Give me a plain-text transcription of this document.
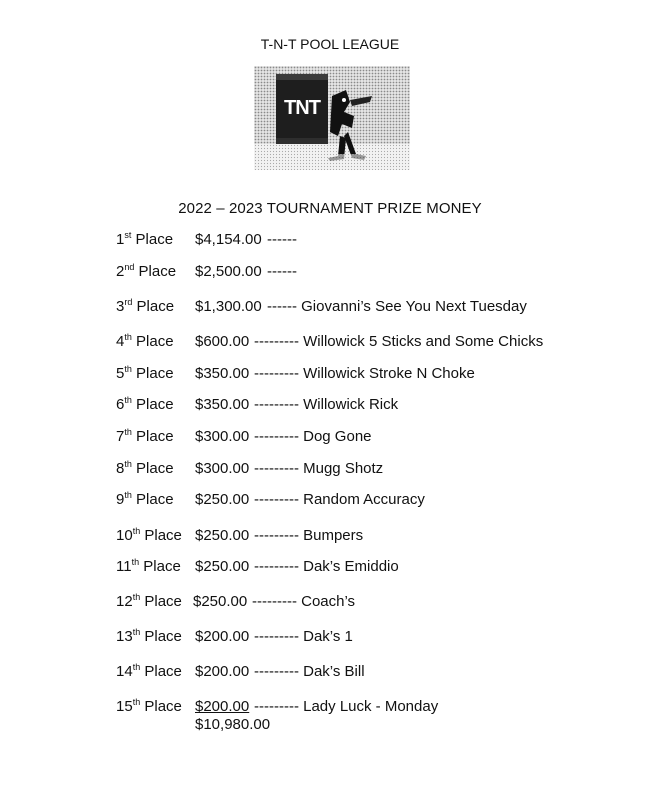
T-N-T POOL LEAGUE
TNT
2022 – 2023 TOURNAMENT PRIZE MONEY
1st Place $4,154.00 ------
2nd Place $2,500.00 ------
3rd Place $1,300.00 ------ Giovanni’s See You Next Tuesday
4th Place $600.00 --------- Willowick 5 Sticks and Some Chicks
5th Place $350.00 --------- Willowick Stroke N Choke
6th Place $350.00 --------- Willowick Rick
7th Place $300.00 --------- Dog Gone
8th Place $300.00 --------- Mugg Shotz
9th Place $250.00 --------- Random Accuracy
10th Place $250.00 --------- Bumpers
11th Place $250.00 --------- Dak’s Emiddio
12th Place $250.00 --------- Coach’s
13th Place $200.00 --------- Dak’s 1
14th Place $200.00 --------- Dak’s Bill
15th Place $200.00 --------- Lady Luck - Monday
$10,980.00
